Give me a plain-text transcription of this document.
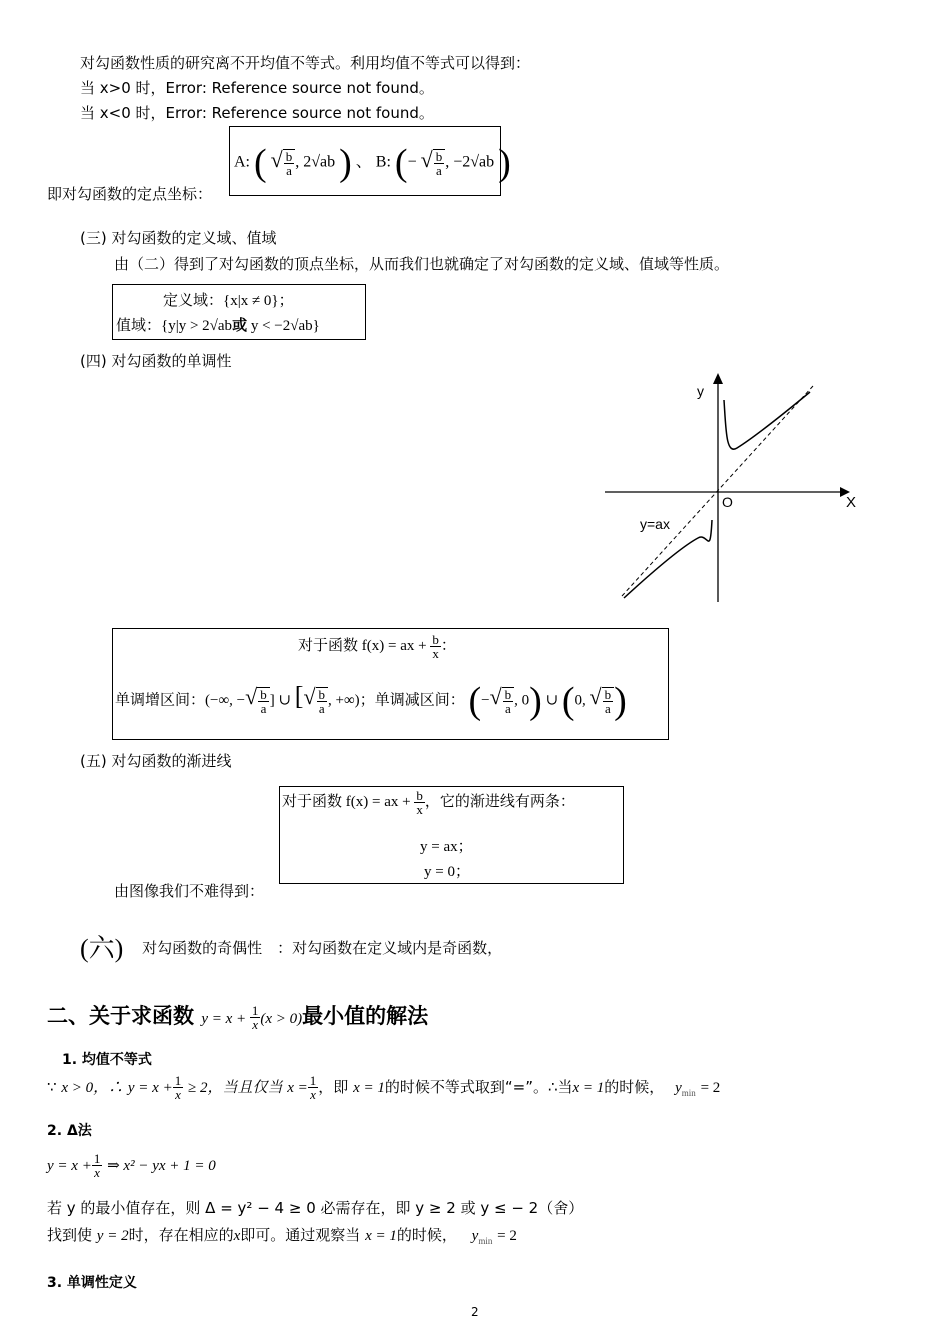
对勾函数性质的研究离不开均值不等式。利用均值不等式可以得到：
当 x>0 时，Error: Reference source not found。
当 x<0 时，Error: Reference source not found。
即对勾函数的定点坐标：
A: ( √ $\frac{b}{a}$ , 2√ab ) 、 B: (− √ $\frac{b}{a}$ , −2√ab )
(三) 对勾函数的定义域、值域
由（二）得到了对勾函数的顶点坐标，从而我们也就确定了对勾函数的定义域、值域等性质。
定义域：{x|x ≠ 0}；
值域：{y|y > 2√ab或 y < −2√ab}
(四) 对勾函数的单调性
y
X
O
y=ax
对于函数 f(x) = ax + $\frac{b}{x}$ ：
单调增区间：(−∞, −√ $\frac{b}{a}$ ] ∪ [√ $\frac{b}{a}$ , +∞)；单调减区间： (−√ $\frac{b}{a}$ , 0) ∪ (0, √ $\frac{b}{a}$ )
(五) 对勾函数的渐进线
对于函数 f(x) = ax + $\frac{b}{x}$ ，它的渐进线有两条：
y = ax；
y = 0；
由图像我们不难得到：
(六) 对勾函数的奇偶性　：对勾函数在定义域内是奇函数，
二、关于求函数 $y = x + \frac{1}{x} (x > 0)$最小值的解法
1. 均值不等式
∵ x > 0，∴ $y = x + \frac{1}{x} \ge 2$，当且仅当 $x = \frac{1}{x}$ ，即 x = 1的时候不等式取到“=”。∴当x = 1的时候， $y_{min} = 2$
2. Δ法
$y = x + \frac{1}{x}$ ⇒ x² − yx + 1 = 0
若 y 的最小值存在，则 Δ = y² − 4 ≥ 0 必需存在，即 y ≥ 2 或 y ≤ − 2（舍）
找到使 y = 2时，存在相应的x即可。通过观察当 x = 1的时候， $y_{min} = 2$
3. 单调性定义
2
